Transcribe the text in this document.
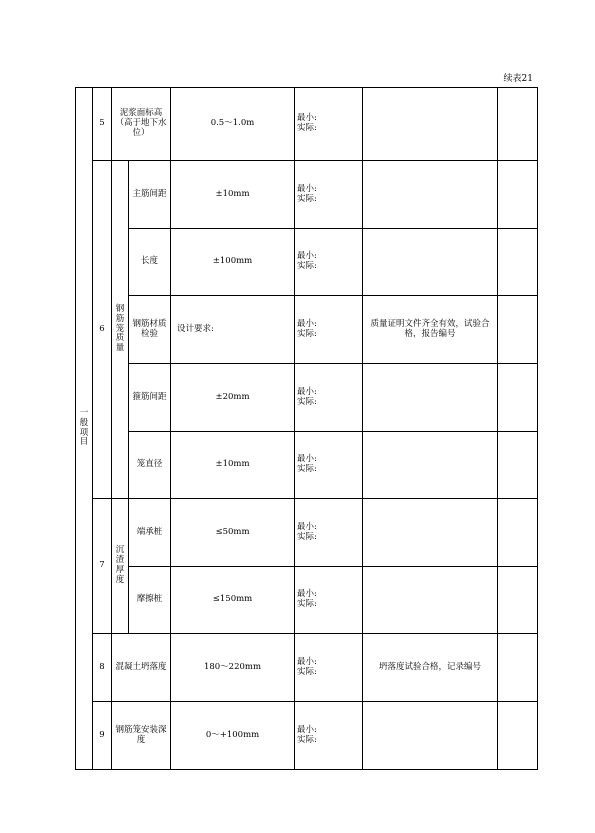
续表21
一般项目	5	泥浆面标高（高于地下水位）		0.5～1.0m	最小:
实际:		

	6	钢筋笼质量	主筋间距	±10mm	最小:
实际:		

			长度	±100mm	最小:
实际:		

			钢筋材质检验	设计要求:	最小:
实际:	质量证明文件齐全有效，试验合格，报告编号	
			箍筋间距	±20mm	最小:
实际:		

			笼直径	±10mm	最小:
实际:		

	7	沉渣厚度	端承桩	≤50mm	最小:
实际:		

			摩擦桩	≤150mm	最小:
实际:		

	8	混凝土坍落度		180～220mm	最小:
实际:	坍落度试验合格，记录编号	
	9	钢筋笼安装深度		0～+100mm	最小:
实际:		
